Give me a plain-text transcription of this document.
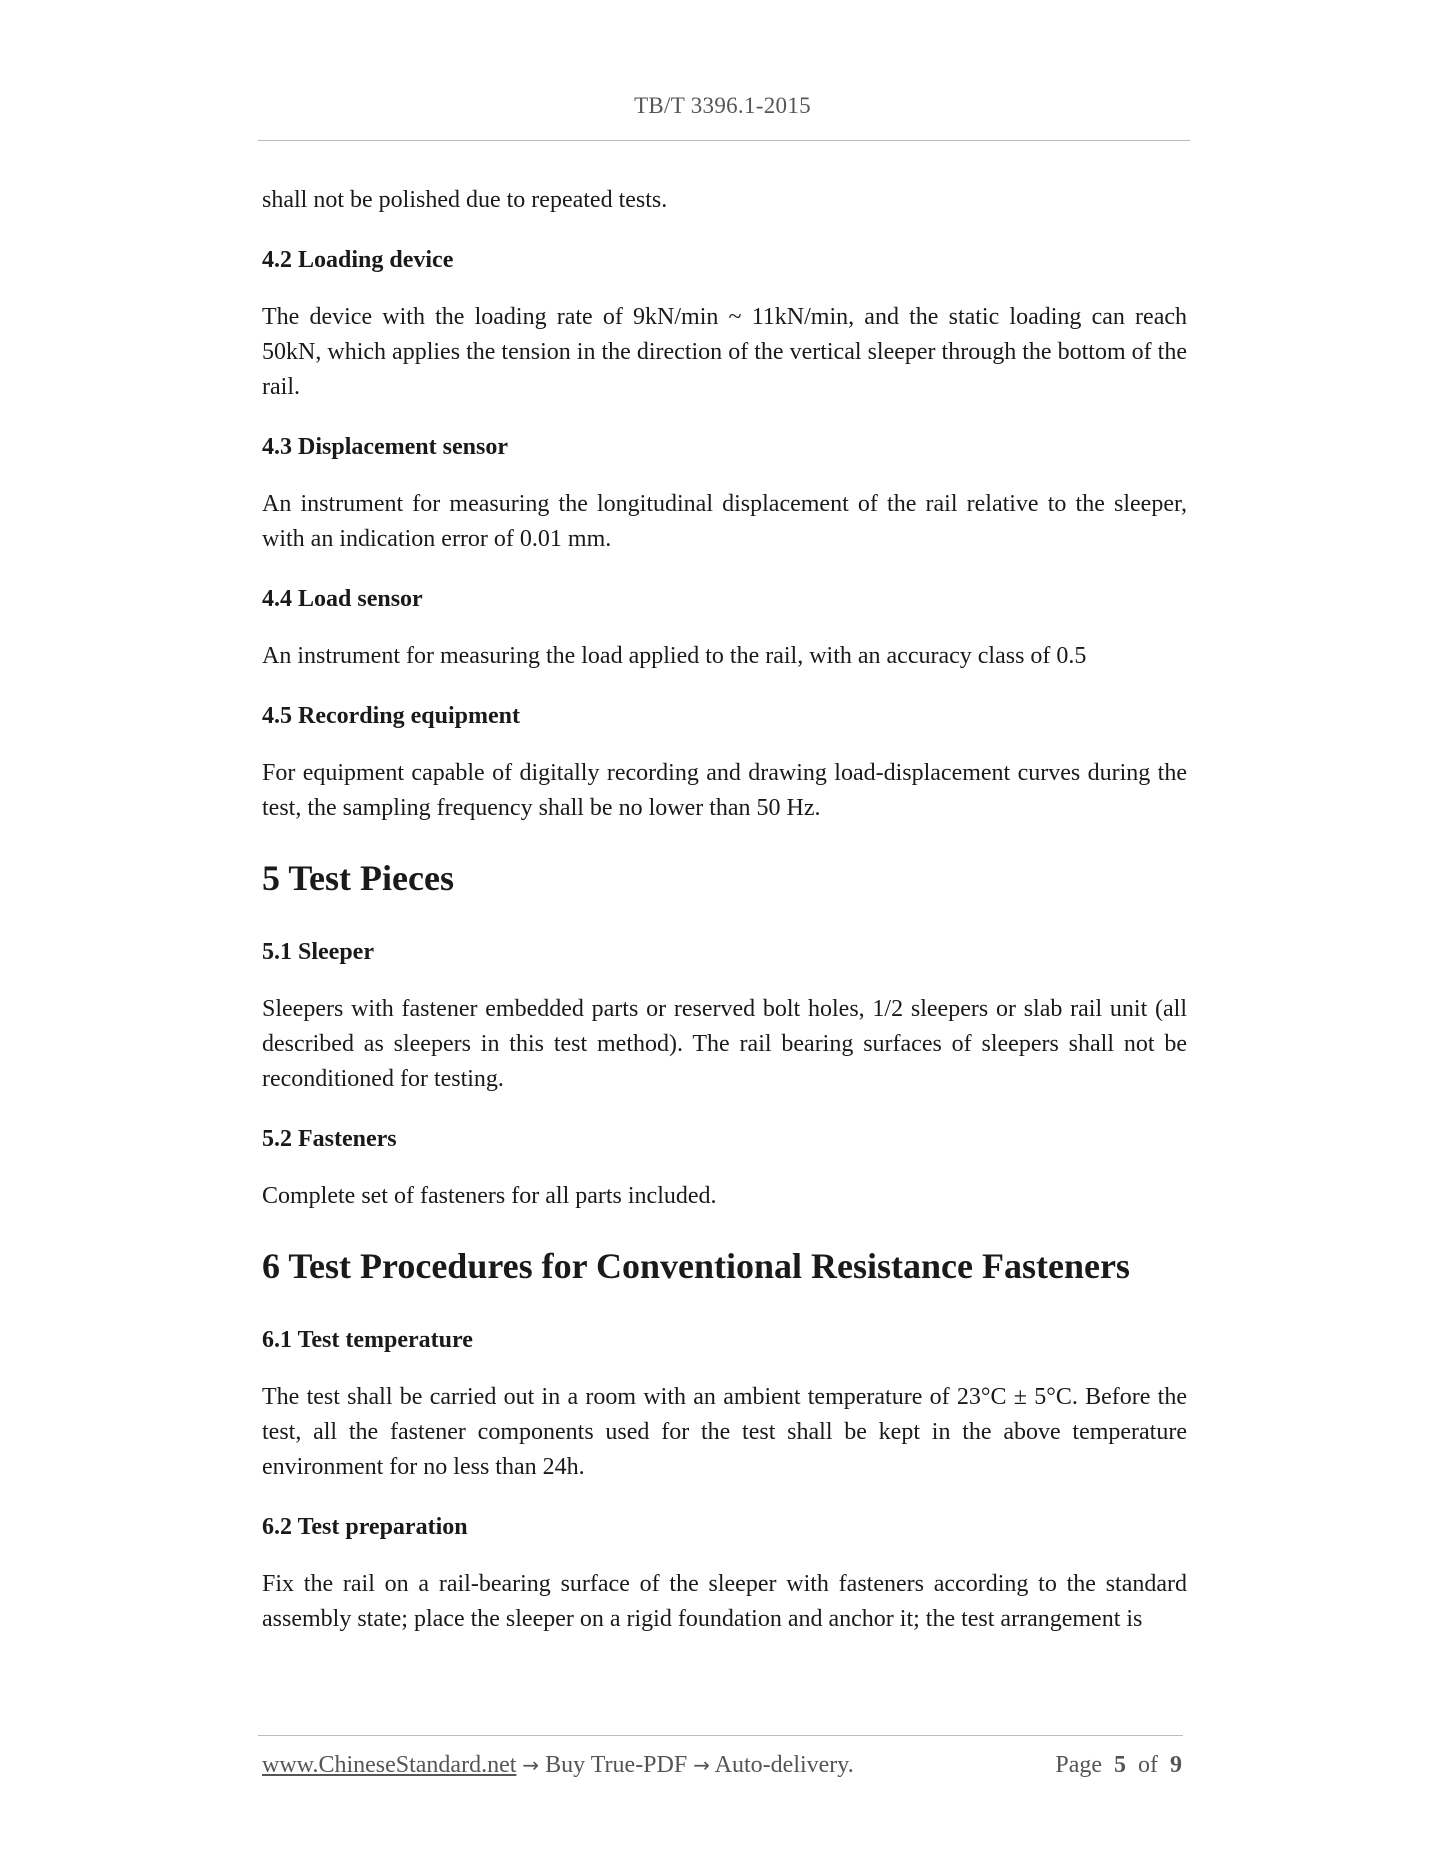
TB/T 3396.1-2015

shall not be polished due to repeated tests.

4.2 Loading device

The device with the loading rate of 9kN/min ~ 11kN/min, and the static loading can reach 50kN, which applies the tension in the direction of the vertical sleeper through the bottom of the rail.

4.3 Displacement sensor

An instrument for measuring the longitudinal displacement of the rail relative to the sleeper, with an indication error of 0.01 mm.

4.4 Load sensor

An instrument for measuring the load applied to the rail, with an accuracy class of 0.5

4.5 Recording equipment

For equipment capable of digitally recording and drawing load-displacement curves during the test, the sampling frequency shall be no lower than 50 Hz.

5 Test Pieces
5.1 Sleeper

Sleepers with fastener embedded parts or reserved bolt holes, 1/2 sleepers or slab rail unit (all described as sleepers in this test method). The rail bearing surfaces of sleepers shall not be reconditioned for testing.

5.2 Fasteners

Complete set of fasteners for all parts included.

6 Test Procedures for Conventional Resistance Fasteners
6.1 Test temperature

The test shall be carried out in a room with an ambient temperature of 23°C ± 5°C. Before the test, all the fastener components used for the test shall be kept in the above temperature environment for no less than 24h.

6.2 Test preparation

Fix the rail on a rail-bearing surface of the sleeper with fasteners according to the standard assembly state; place the sleeper on a rigid foundation and anchor it; the test arrangement is

www.ChineseStandard.net → Buy True-PDF → Auto-delivery.	Page 5 of 9
